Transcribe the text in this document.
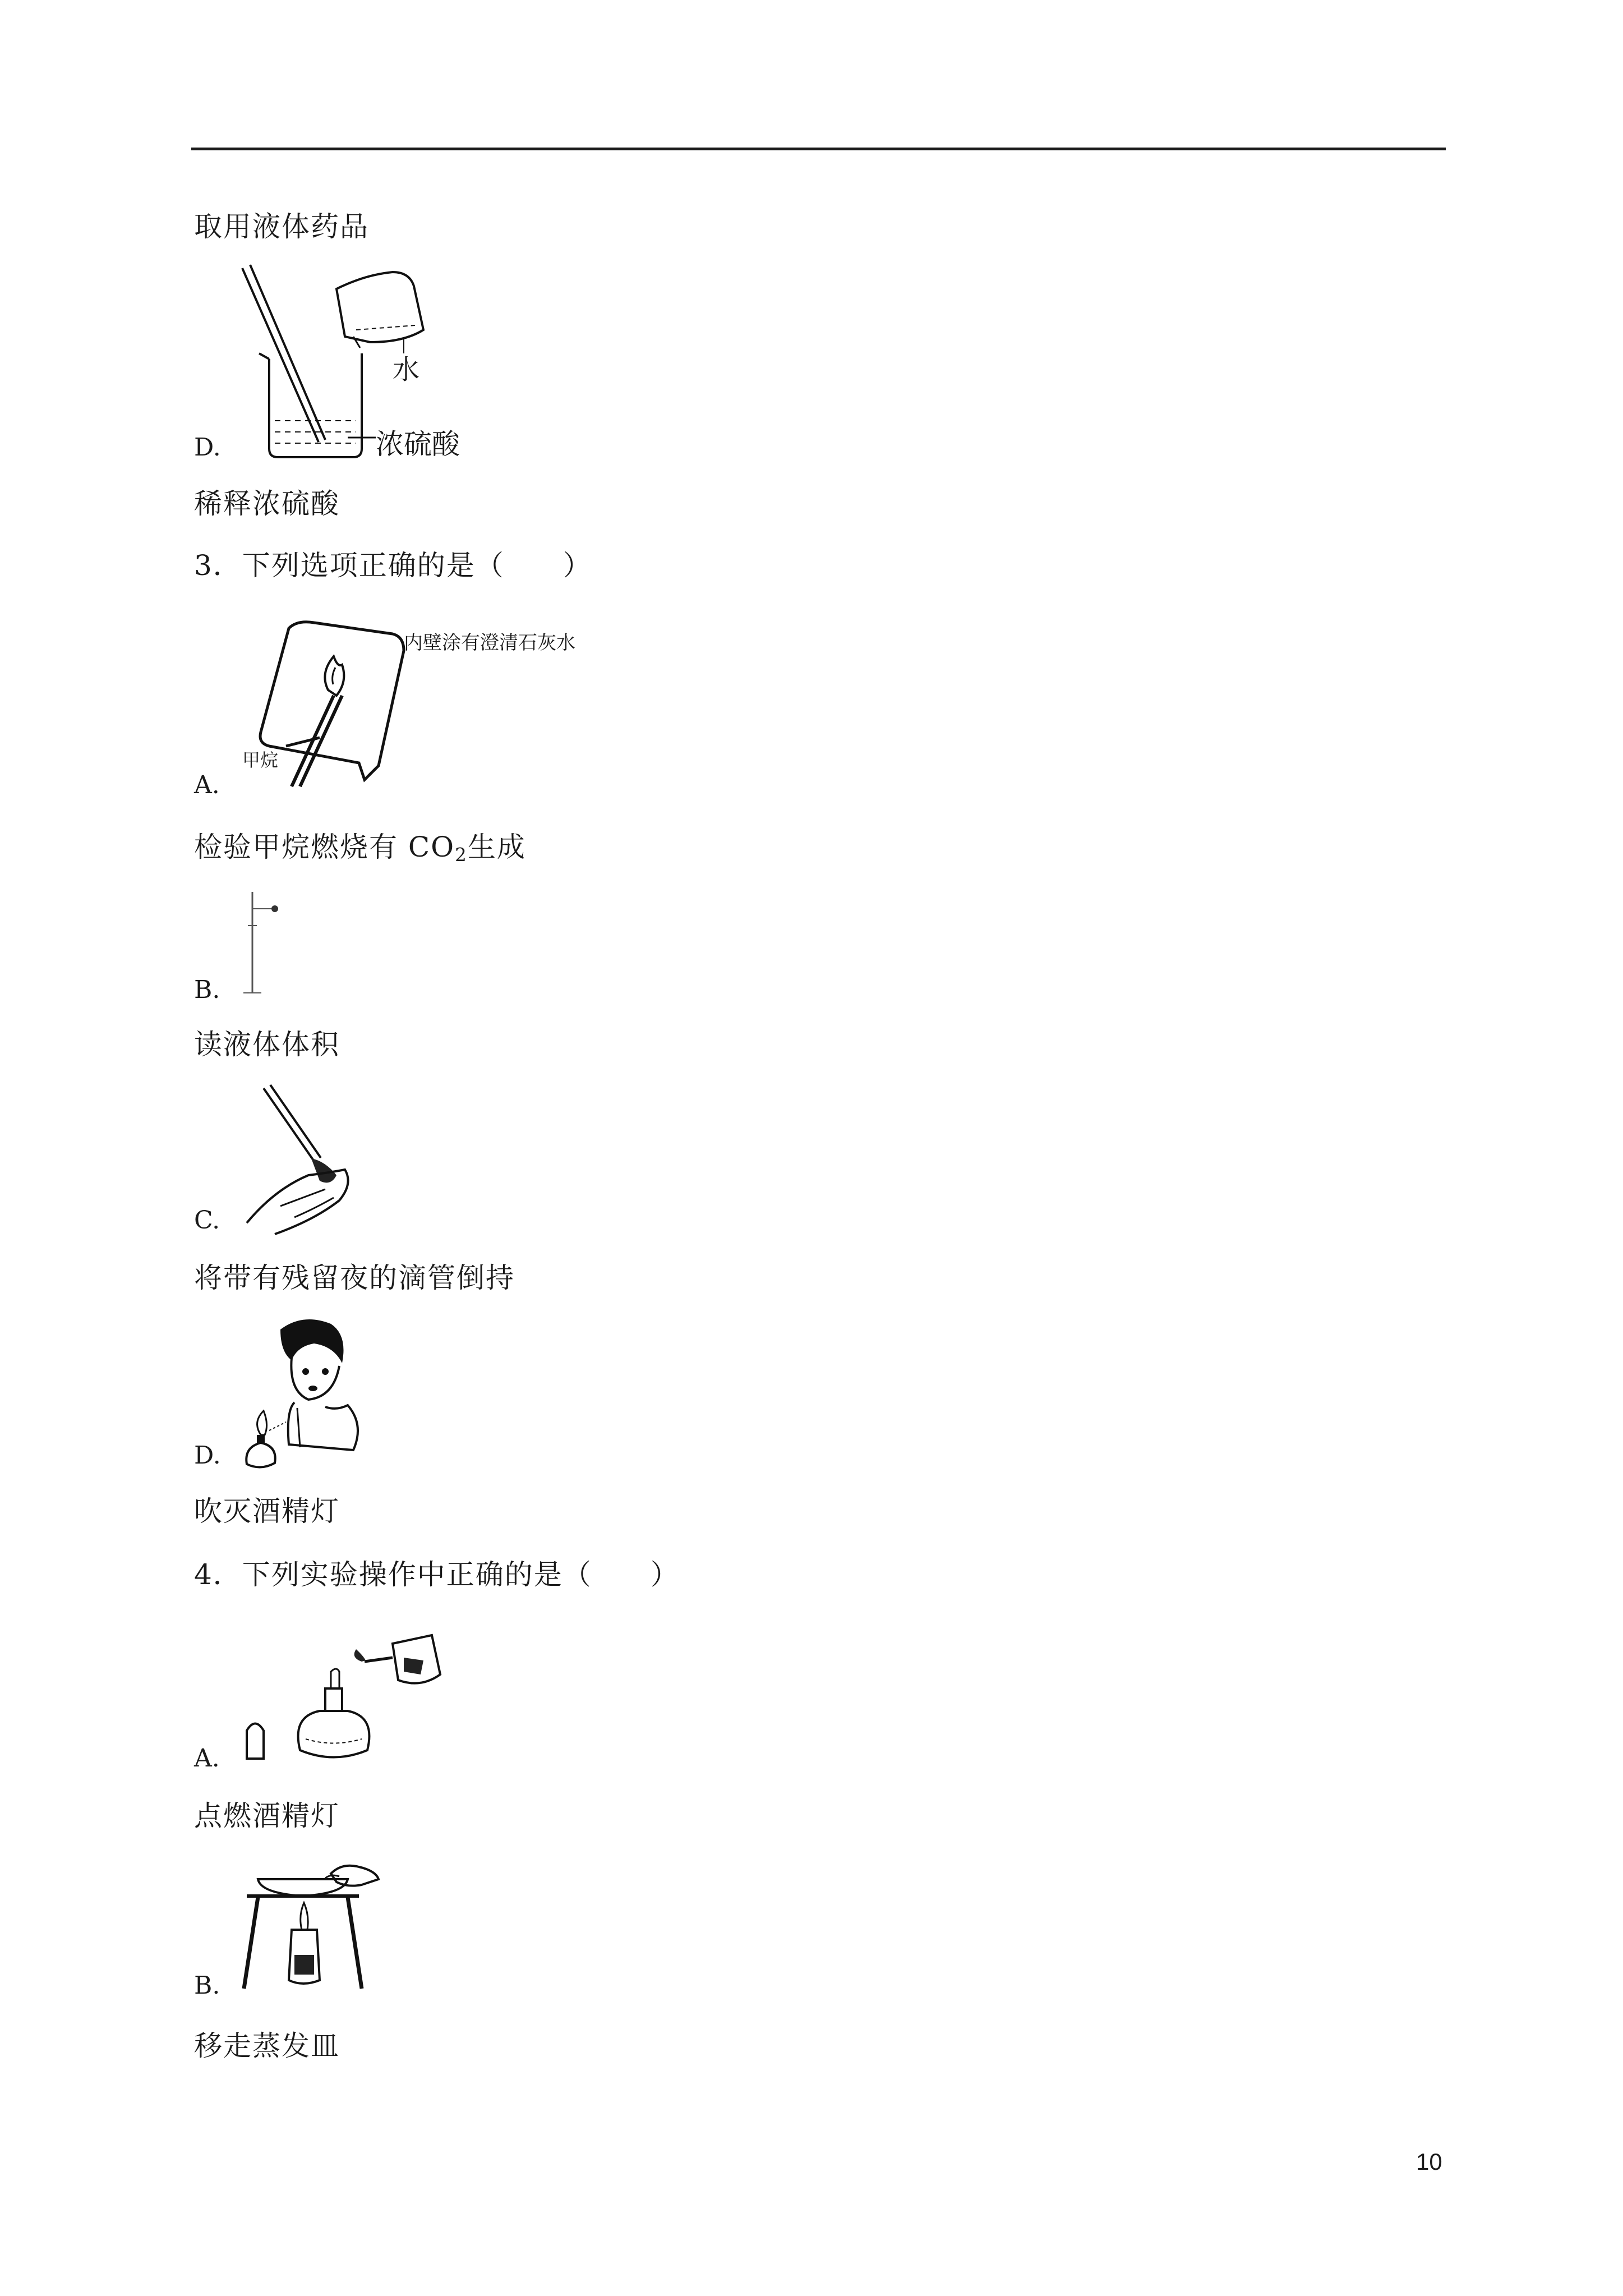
取用液体药品
水
浓硫酸
D.
稀释浓硫酸
3．下列选项正确的是（　　）
内壁涂有澄清石灰水
甲烷
A.
检验甲烷燃烧有 $CO_2$生成
B.
读液体体积
C.
将带有残留夜的滴管倒持
D.
吹灭酒精灯
4．下列实验操作中正确的是（　　）
A.
点燃酒精灯
B.
移走蒸发皿
10
